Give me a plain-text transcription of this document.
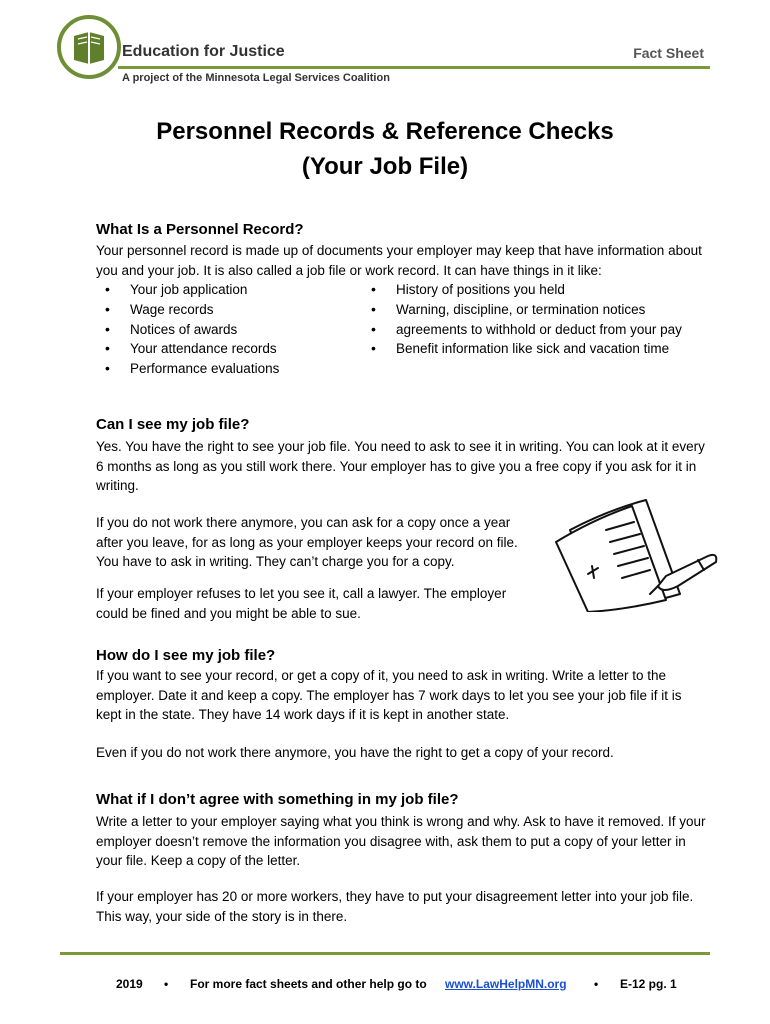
Education for Justice
A project of the Minnesota Legal Services Coalition
Fact Sheet
Personnel Records & Reference Checks
(Your Job File)
What Is a Personnel Record?

Your personnel record is made up of documents your employer may keep that have information about you and your job. It is also called a job file or work record. It can have things in it like:

• Your job application
• Wage records
• Notices of awards
• Your attendance records
• Performance evaluations
• History of positions you held
• Warning, discipline, or termination notices
• agreements to withhold or deduct from your pay
• Benefit information like sick and vacation time
Can I see my job file?

Yes. You have the right to see your job file. You need to ask to see it in writing. You can look at it every 6 months as long as you still work there. Your employer has to give you a free copy if you ask for it in writing.

If you do not work there anymore, you can ask for a copy once a year after you leave, for as long as your employer keeps your record on file. You have to ask in writing. They can’t charge you for a copy.

If your employer refuses to let you see it, call a lawyer. The employer could be fined and you might be able to sue.

How do I see my job file?

If you want to see your record, or get a copy of it, you need to ask in writing. Write a letter to the employer. Date it and keep a copy. The employer has 7 work days to let you see your job file if it is kept in the state. They have 14 work days if it is kept in another state.

Even if you do not work there anymore, you have the right to get a copy of your record.

What if I don’t agree with something in my job file?

Write a letter to your employer saying what you think is wrong and why. Ask to have it removed. If your employer doesn’t remove the information you disagree with, ask them to put a copy of your letter in your file. Keep a copy of the letter.

If your employer has 20 or more workers, they have to put your disagreement letter into your job file. This way, your side of the story is in there.

2019 • For more fact sheets and other help go to www.LawHelpMN.org • E-12 pg. 1
